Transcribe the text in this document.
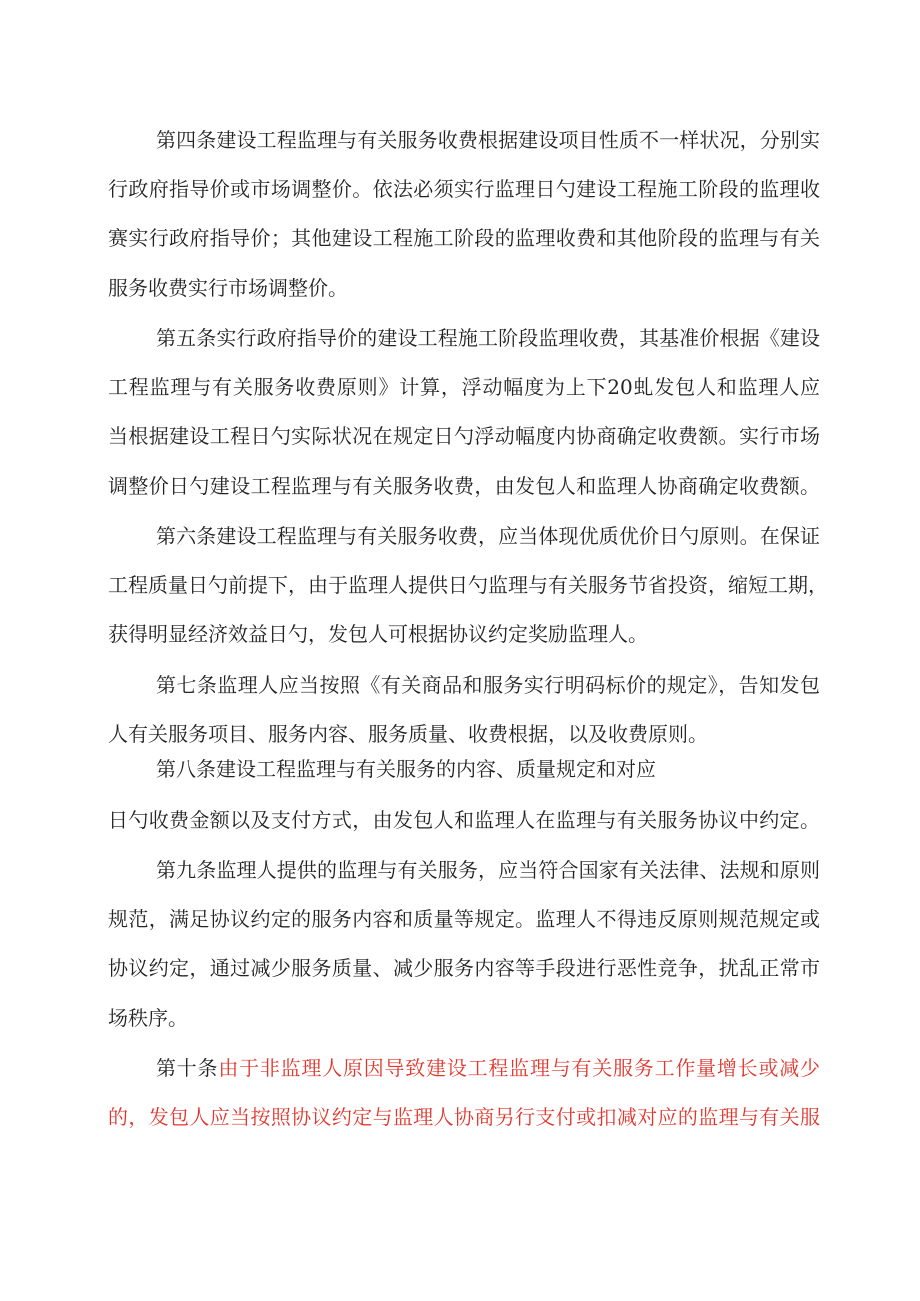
第四条建设工程监理与有关服务收费根据建设项目性质不一样状况，分别实
行政府指导价或市场调整价。依法必须实行监理日勺建设工程施工阶段的监理收
赛实行政府指导价；其他建设工程施工阶段的监理收费和其他阶段的监理与有关
服务收费实行市场调整价。
第五条实行政府指导价的建设工程施工阶段监理收费，其基准价根据《建设
工程监理与有关服务收费原则》计算，浮动幅度为上下20虬发包人和监理人应
当根据建设工程日勺实际状况在规定日勺浮动幅度内协商确定收费额。实行市场
调整价日勺建设工程监理与有关服务收费，由发包人和监理人协商确定收费额。
第六条建设工程监理与有关服务收费，应当体现优质优价日勺原则。在保证
工程质量日勺前提下，由于监理人提供日勺监理与有关服务节省投资，缩短工期，
获得明显经济效益日勺，发包人可根据协议约定奖励监理人。
第七条监理人应当按照《有关商品和服务实行明码标价的规定》，告知发包
人有关服务项目、服务内容、服务质量、收费根据，以及收费原则。
第八条建设工程监理与有关服务的内容、质量规定和对应
日勺收费金额以及支付方式，由发包人和监理人在监理与有关服务协议中约定。
第九条监理人提供的监理与有关服务，应当符合国家有关法律、法规和原则
规范，满足协议约定的服务内容和质量等规定。监理人不得违反原则规范规定或
协议约定，通过减少服务质量、减少服务内容等手段进行恶性竞争，扰乱正常市
场秩序。
第十条由于非监理人原因导致建设工程监理与有关服务工作量增长或减少
的，发包人应当按照协议约定与监理人协商另行支付或扣减对应的监理与有关服
